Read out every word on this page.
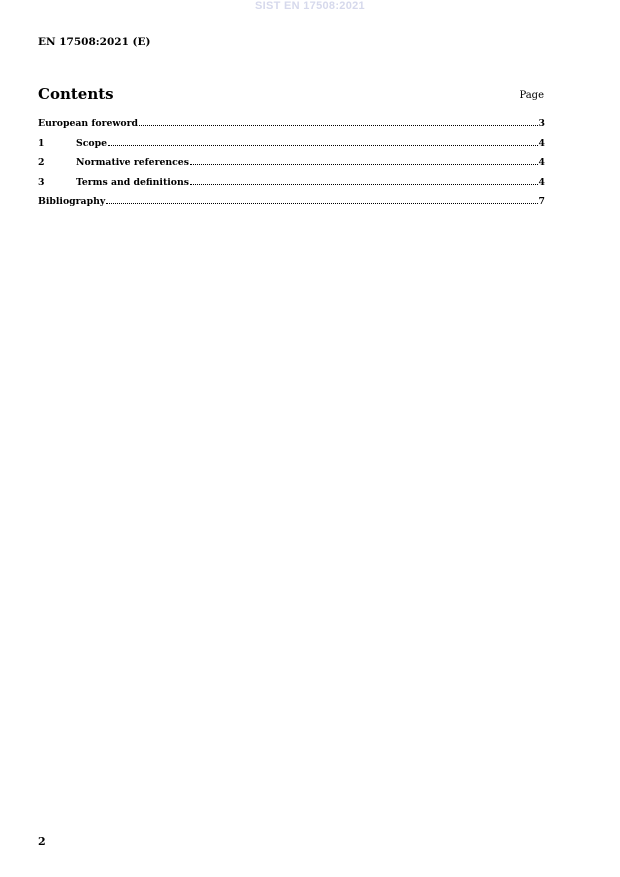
SIST EN 17508:2021
EN 17508:2021 (E)
Contents	Page
European foreword	3
1	Scope	4
2	Normative references	4
3	Terms and definitions	4
Bibliography	7
2
